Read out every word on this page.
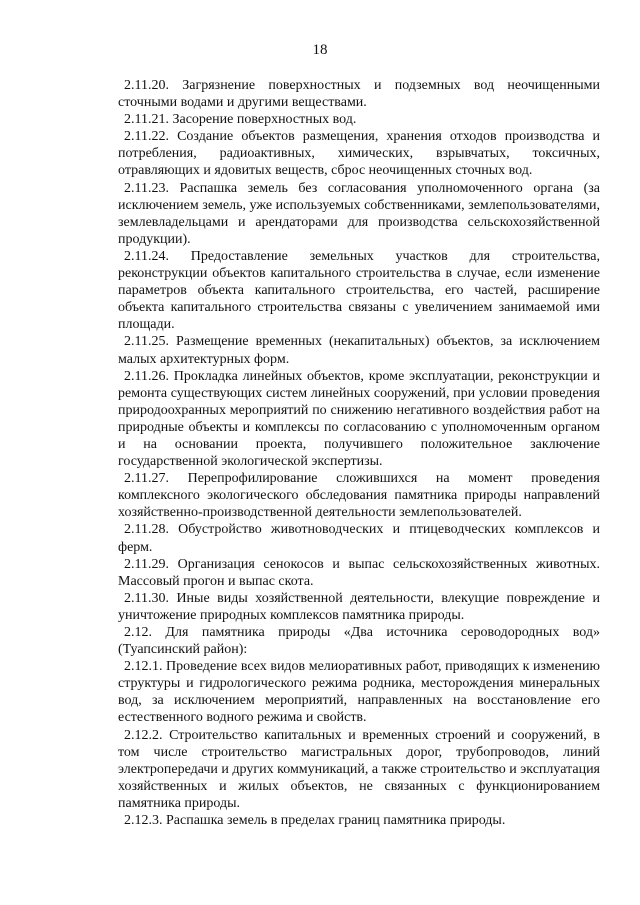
18

2.11.20. Загрязнение поверхностных и подземных вод неочищенными сточными водами и другими веществами.

2.11.21. Засорение поверхностных вод.

2.11.22. Создание объектов размещения, хранения отходов производства и потребления, радиоактивных, химических, взрывчатых, токсичных, отравляющих и ядовитых веществ, сброс неочищенных сточных вод.

2.11.23. Распашка земель без согласования уполномоченного органа (за исключением земель, уже используемых собственниками, землепользователями, землевладельцами и арендаторами для производства сельскохозяйственной продукции).

2.11.24. Предоставление земельных участков для строительства, реконструкции объектов капитального строительства в случае, если изменение параметров объекта капитального строительства, его частей, расширение объекта капитального строительства связаны с увеличением занимаемой ими площади.

2.11.25. Размещение временных (некапитальных) объектов, за исключением малых архитектурных форм.

2.11.26. Прокладка линейных объектов, кроме эксплуатации, реконструкции и ремонта существующих систем линейных сооружений, при условии проведения природоохранных мероприятий по снижению негативного воздействия работ на природные объекты и комплексы по согласованию с уполномоченным органом и на основании проекта, получившего положительное заключение государственной экологической экспертизы.

2.11.27. Перепрофилирование сложившихся на момент проведения комплексного экологического обследования памятника природы направлений хозяйственно-производственной деятельности землепользователей.

2.11.28. Обустройство животноводческих и птицеводческих комплексов и ферм.

2.11.29. Организация сенокосов и выпас сельскохозяйственных животных. Массовый прогон и выпас скота.

2.11.30. Иные виды хозяйственной деятельности, влекущие повреждение и уничтожение природных комплексов памятника природы.

2.12. Для памятника природы «Два источника сероводородных вод» (Туапсинский район):

2.12.1. Проведение всех видов мелиоративных работ, приводящих к изменению структуры и гидрологического режима родника, месторождения минеральных вод, за исключением мероприятий, направленных на восстановление его естественного водного режима и свойств.

2.12.2. Строительство капитальных и временных строений и сооружений, в том числе строительство магистральных дорог, трубопроводов, линий электропередачи и других коммуникаций, а также строительство и эксплуатация хозяйственных и жилых объектов, не связанных с функционированием памятника природы.

2.12.3. Распашка земель в пределах границ памятника природы.
